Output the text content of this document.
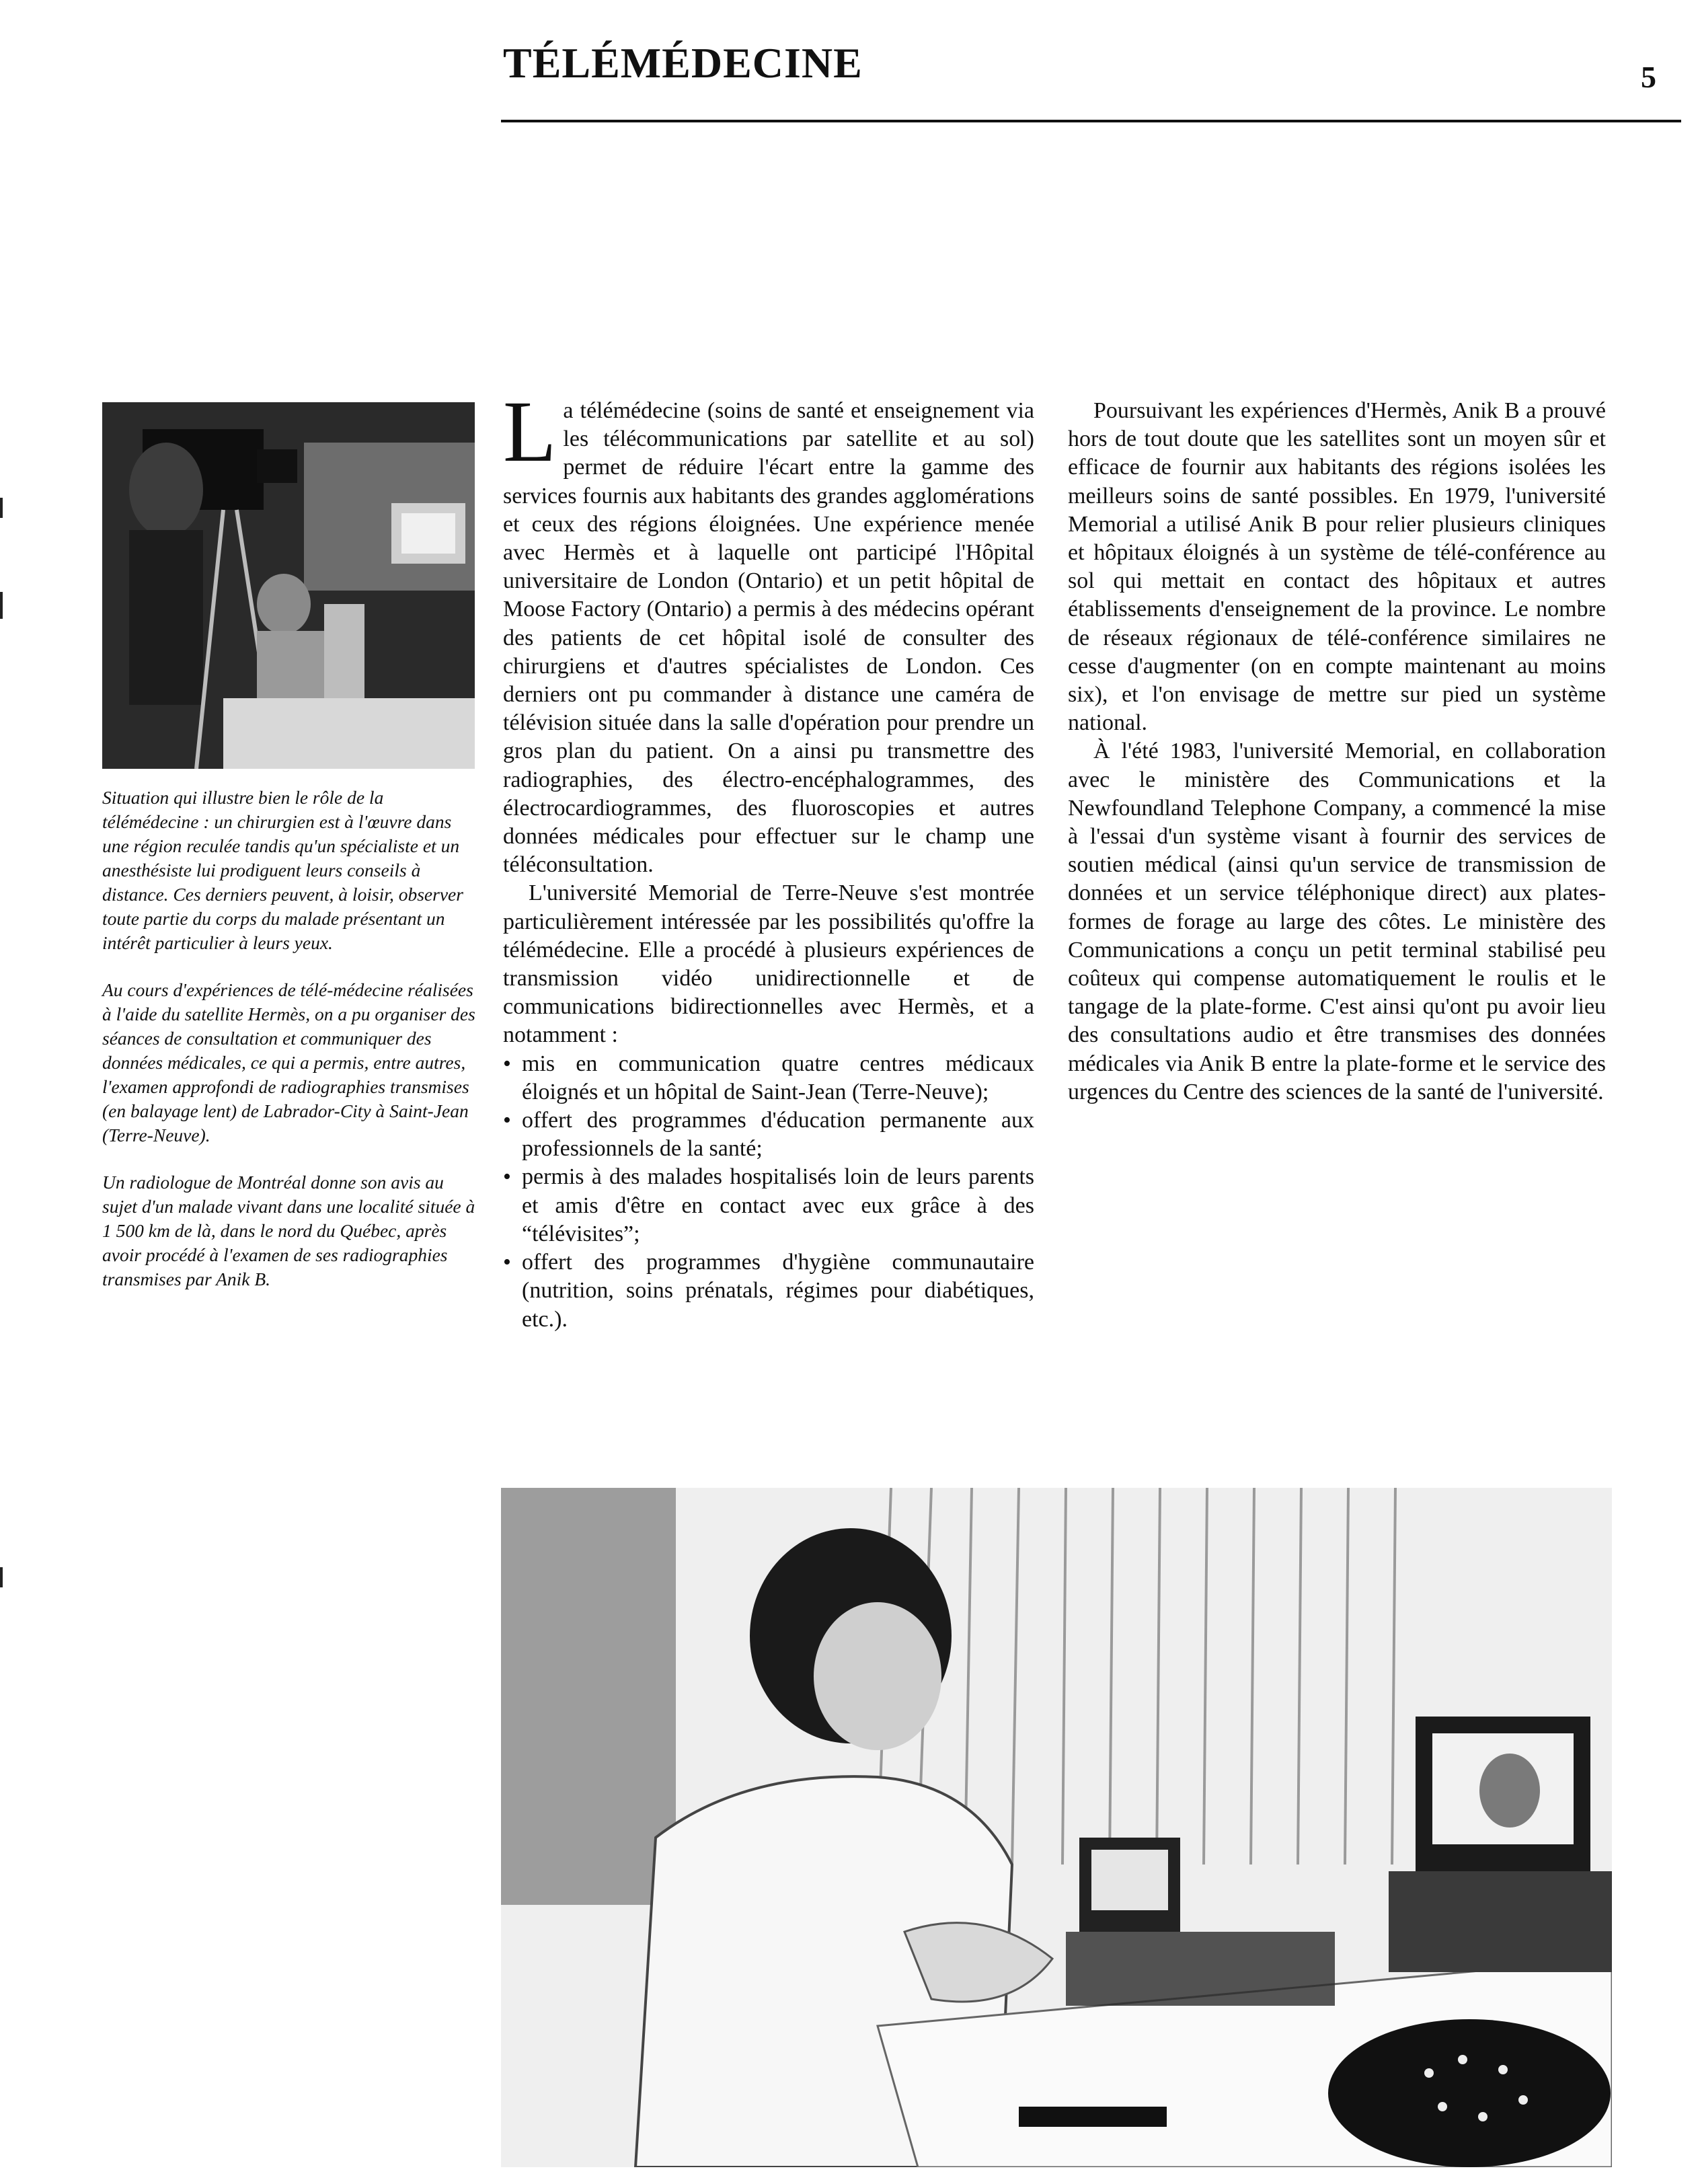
TÉLÉMÉDECINE	5

Situation qui illustre bien le rôle de la télémédecine : un chirurgien est à l'œuvre dans une région reculée tandis qu'un spécialiste et un anesthésiste lui prodiguent leurs conseils à distance. Ces derniers peuvent, à loisir, observer toute partie du corps du malade présentant un intérêt particulier à leurs yeux.

Au cours d'expériences de télé-médecine réalisées à l'aide du satellite Hermès, on a pu organiser des séances de consultation et communiquer des données médicales, ce qui a permis, entre autres, l'examen approfondi de radiographies transmises (en balayage lent) de Labrador-City à Saint-Jean (Terre-Neuve).

Un radiologue de Montréal donne son avis au sujet d'un malade vivant dans une localité située à 1 500 km de là, dans le nord du Québec, après avoir procédé à l'examen de ses radiographies transmises par Anik B.

La télémédecine (soins de santé et enseignement via les télécommunications par satellite et au sol) permet de réduire l'écart entre la gamme des services fournis aux habitants des grandes agglomérations et ceux des régions éloignées. Une expérience menée avec Hermès et à laquelle ont participé l'Hôpital universitaire de London (Ontario) et un petit hôpital de Moose Factory (Ontario) a permis à des médecins opérant des patients de cet hôpital isolé de consulter des chirurgiens et d'autres spécialistes de London. Ces derniers ont pu commander à distance une caméra de télévision située dans la salle d'opération pour prendre un gros plan du patient. On a ainsi pu transmettre des radiographies, des électro-encéphalogrammes, des électrocardiogrammes, des fluoroscopies et autres données médicales pour effectuer sur le champ une téléconsultation.

L'université Memorial de Terre-Neuve s'est montrée particulièrement intéressée par les possibilités qu'offre la télémédecine. Elle a procédé à plusieurs expériences de transmission vidéo unidirectionnelle et de communications bidirectionnelles avec Hermès, et a notamment :

• mis en communication quatre centres médicaux éloignés et un hôpital de Saint-Jean (Terre-Neuve);
• offert des programmes d'éducation permanente aux professionnels de la santé;
• permis à des malades hospitalisés loin de leurs parents et amis d'être en contact avec eux grâce à des “télévisites”;
• offert des programmes d'hygiène communautaire (nutrition, soins prénatals, régimes pour diabétiques, etc.).

Poursuivant les expériences d'Hermès, Anik B a prouvé hors de tout doute que les satellites sont un moyen sûr et efficace de fournir aux habitants des régions isolées les meilleurs soins de santé possibles. En 1979, l'université Memorial a utilisé Anik B pour relier plusieurs cliniques et hôpitaux éloignés à un système de télé-conférence au sol qui mettait en contact des hôpitaux et autres établissements d'enseignement de la province. Le nombre de réseaux régionaux de télé-conférence similaires ne cesse d'augmenter (on en compte maintenant au moins six), et l'on envisage de mettre sur pied un système national.

À l'été 1983, l'université Memorial, en collaboration avec le ministère des Communications et la Newfoundland Telephone Company, a commencé la mise à l'essai d'un système visant à fournir des services de soutien médical (ainsi qu'un service de transmission de données et un service téléphonique direct) aux plates-formes de forage au large des côtes. Le ministère des Communications a conçu un petit terminal stabilisé peu coûteux qui compense automatiquement le roulis et le tangage de la plate-forme. C'est ainsi qu'ont pu avoir lieu des consultations audio et être transmises des données médicales via Anik B entre la plate-forme et le service des urgences du Centre des sciences de la santé de l'université.
